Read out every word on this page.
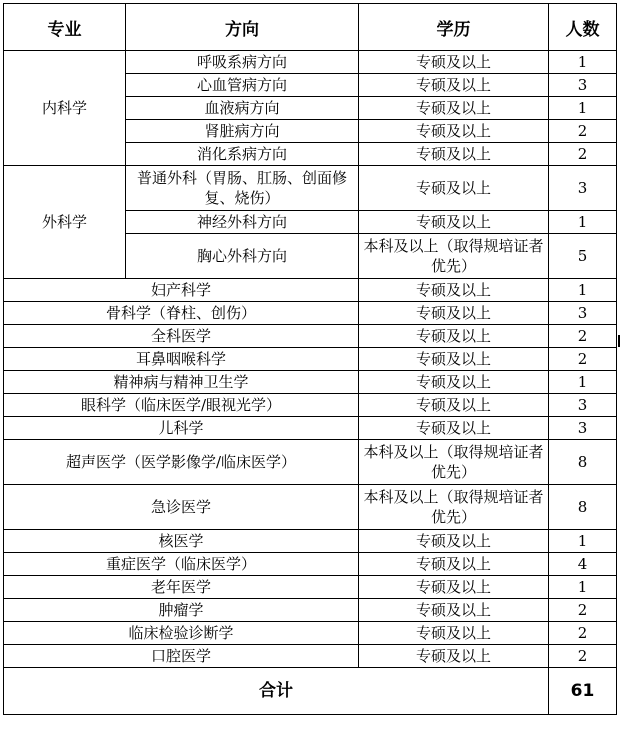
专业	方向	学历	人数
内科学	呼吸系病方向	专硕及以上	1
	心血管病方向	专硕及以上	3
	血液病方向	专硕及以上	1
	肾脏病方向	专硕及以上	2
	消化系病方向	专硕及以上	2
外科学	普通外科（胃肠、肛肠、创面修复、烧伤）	专硕及以上	3
	神经外科方向	专硕及以上	1
	胸心外科方向	本科及以上（取得规培证者优先）	5
妇产科学		专硕及以上	1
骨科学（脊柱、创伤）		专硕及以上	3
全科医学		专硕及以上	2
耳鼻咽喉科学		专硕及以上	2
精神病与精神卫生学		专硕及以上	1
眼科学（临床医学/眼视光学）		专硕及以上	3
儿科学		专硕及以上	3
超声医学（医学影像学/临床医学）		本科及以上（取得规培证者优先）	8
急诊医学		本科及以上（取得规培证者优先）	8
核医学		专硕及以上	1
重症医学（临床医学）		专硕及以上	4
老年医学		专硕及以上	1
肿瘤学		专硕及以上	2
临床检验诊断学		专硕及以上	2
口腔医学		专硕及以上	2
合计			61
